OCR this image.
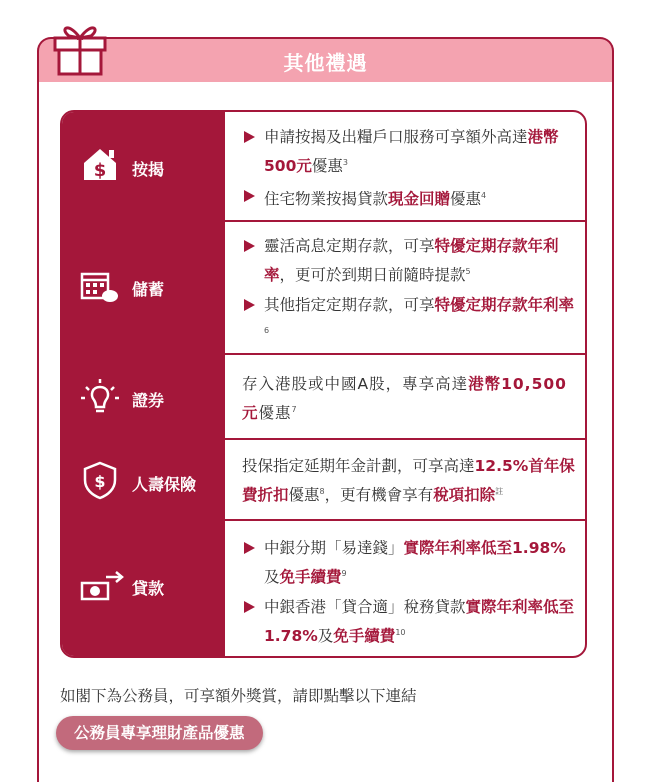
其他禮遇
$ 按揭
申請按揭及出糧戶口服務可享額外高達港幣500元優惠$^3$
住宅物業按揭貸款現金回贈優惠$^4$
儲蓄
靈活高息定期存款，可享特優定期存款年利率，更可於到期日前隨時提款$^5$
其他指定定期存款，可享特優定期存款年利率$^6$
證券
存入港股或中國A股，專享高達港幣10,500元優惠$^7$
$ 人壽保險
投保指定延期年金計劃，可享高達12.5%首年保費折扣優惠$^8$，更有機會享有稅項扣除$^註$
貸款
中銀分期「易達錢」實際年利率低至1.98%及免手續費$^9$
中銀香港「貸合適」稅務貸款實際年利率低至1.78%及免手續費$^{10}$
如閣下為公務員，可享額外獎賞，請即點擊以下連結
公務員專享理財產品優惠
